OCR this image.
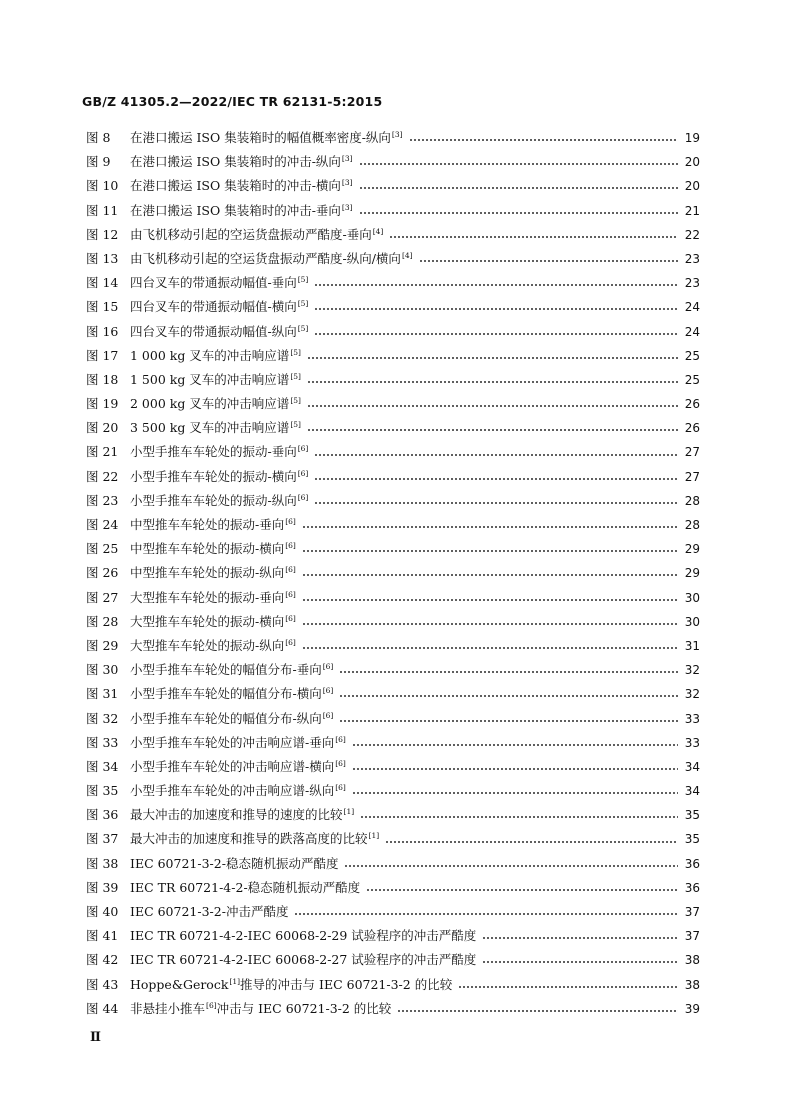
GB/Z 41305.2—2022/IEC TR 62131-5:2015
图 8	在港口搬运 ISO 集装箱时的幅值概率密度-纵向[3]	19
图 9	在港口搬运 ISO 集装箱时的冲击-纵向[3]	20
图 10 在港口搬运 ISO 集装箱时的冲击-横向[3]	20
图 11 在港口搬运 ISO 集装箱时的冲击-垂向[3]	21
图 12 由飞机移动引起的空运货盘振动严酷度-垂向[4]	22
图 13 由飞机移动引起的空运货盘振动严酷度-纵向/横向[4]	23
图 14 四台叉车的带通振动幅值-垂向[5]	23
图 15 四台叉车的带通振动幅值-横向[5]	24
图 16 四台叉车的带通振动幅值-纵向[5]	24
图 17 1 000 kg 叉车的冲击响应谱[5]	25
图 18 1 500 kg 叉车的冲击响应谱[5]	25
图 19 2 000 kg 叉车的冲击响应谱[5]	26
图 20 3 500 kg 叉车的冲击响应谱[5]	26
图 21 小型手推车车轮处的振动-垂向[6]	27
图 22 小型手推车车轮处的振动-横向[6]	27
图 23 小型手推车车轮处的振动-纵向[6]	28
图 24 中型推车车轮处的振动-垂向[6]	28
图 25 中型推车车轮处的振动-横向[6]	29
图 26 中型推车车轮处的振动-纵向[6]	29
图 27 大型推车车轮处的振动-垂向[6]	30
图 28 大型推车车轮处的振动-横向[6]	30
图 29 大型推车车轮处的振动-纵向[6]	31
图 30 小型手推车车轮处的幅值分布-垂向[6]	32
图 31 小型手推车车轮处的幅值分布-横向[6]	32
图 32 小型手推车车轮处的幅值分布-纵向[6]	33
图 33 小型手推车车轮处的冲击响应谱-垂向[6]	33
图 34 小型手推车车轮处的冲击响应谱-横向[6]	34
图 35 小型手推车车轮处的冲击响应谱-纵向[6]	34
图 36 最大冲击的加速度和推导的速度的比较[1]	35
图 37 最大冲击的加速度和推导的跌落高度的比较[1]	35
图 38 IEC 60721-3-2-稳态随机振动严酷度	36
图 39 IEC TR 60721-4-2-稳态随机振动严酷度	36
图 40 IEC 60721-3-2-冲击严酷度	37
图 41 IEC TR 60721-4-2-IEC 60068-2-29 试验程序的冲击严酷度	37
图 42 IEC TR 60721-4-2-IEC 60068-2-27 试验程序的冲击严酷度	38
图 43 Hoppe&Gerock[1]推导的冲击与 IEC 60721-3-2 的比较	38
图 44 非悬挂小推车[6]冲击与 IEC 60721-3-2 的比较	39
Ⅱ
